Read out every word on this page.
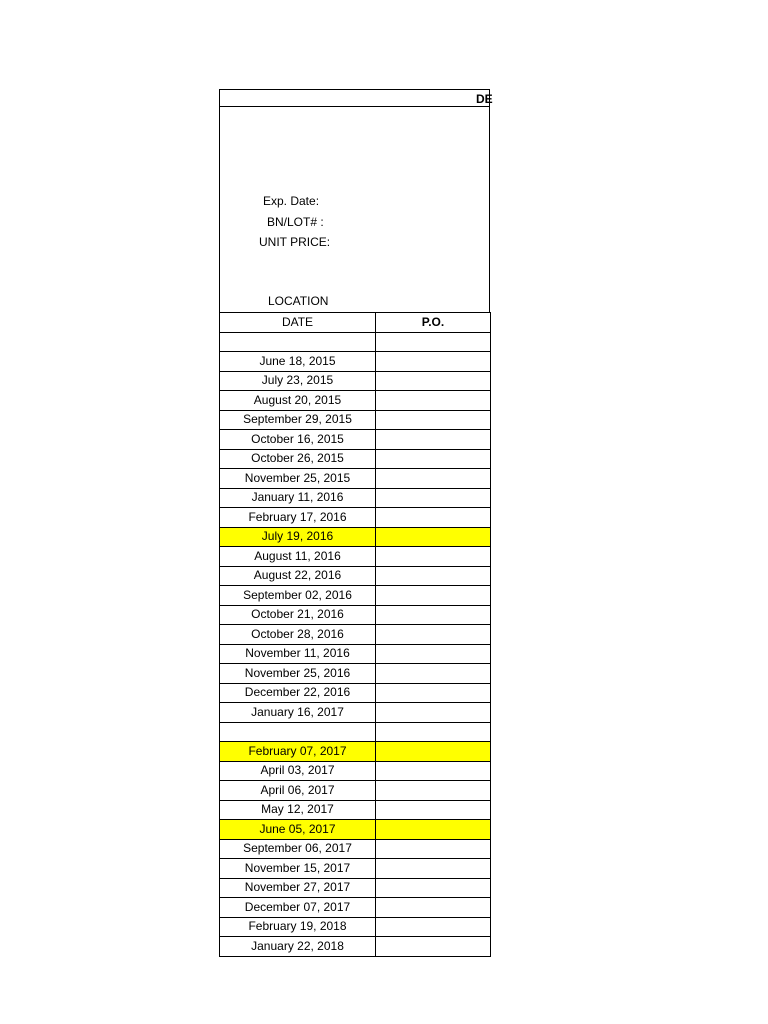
DE
Exp. Date:
BN/LOT# :
UNIT PRICE:
LOCATION
DATE	P.O.

June 18, 2015	
July 23, 2015	
August 20, 2015	
September 29, 2015	
October 16, 2015	
October 26, 2015	
November 25, 2015	
January 11, 2016	
February 17, 2016	
July 19, 2016	
August 11, 2016	
August 22, 2016	
September 02, 2016	
October 21, 2016	
October 28, 2016	
November 11, 2016	
November 25, 2016	
December 22, 2016	
January 16, 2017	

February 07, 2017	
April 03, 2017	
April 06, 2017	
May 12, 2017	
June 05, 2017	
September 06, 2017	
November 15, 2017	
November 27, 2017	
December 07, 2017	
February 19, 2018	
January 22, 2018	
